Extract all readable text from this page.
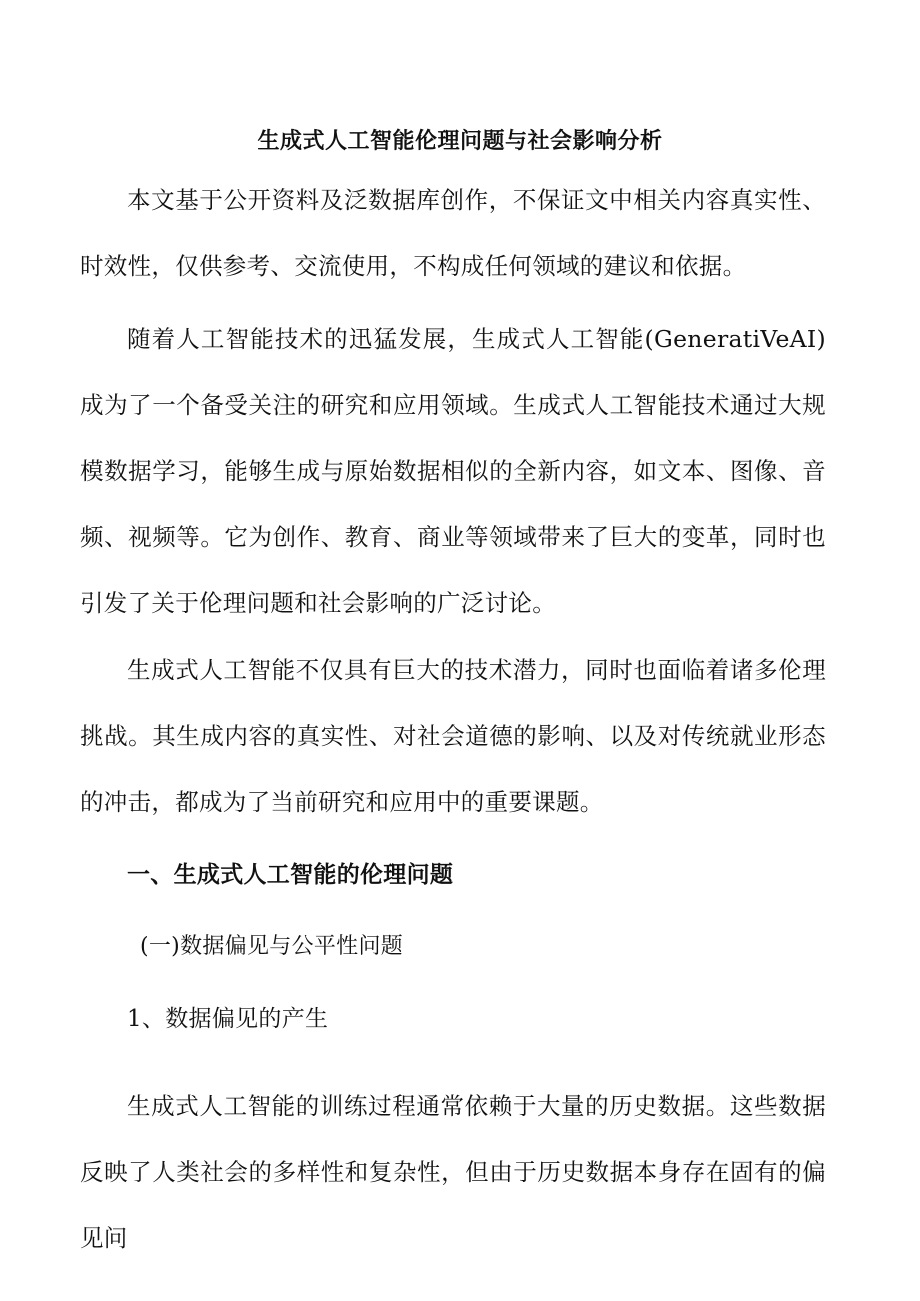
生成式人工智能伦理问题与社会影响分析

本文基于公开资料及泛数据库创作，不保证文中相关内容真实性、时效性，仅供参考、交流使用，不构成任何领域的建议和依据。

随着人工智能技术的迅猛发展，生成式人工智能(GeneratiVeAI)成为了一个备受关注的研究和应用领域。生成式人工智能技术通过大规模数据学习，能够生成与原始数据相似的全新内容，如文本、图像、音频、视频等。它为创作、教育、商业等领域带来了巨大的变革，同时也引发了关于伦理问题和社会影响的广泛讨论。

生成式人工智能不仅具有巨大的技术潜力，同时也面临着诸多伦理挑战。其生成内容的真实性、对社会道德的影响、以及对传统就业形态的冲击，都成为了当前研究和应用中的重要课题。

一、生成式人工智能的伦理问题
(一)数据偏见与公平性问题
1、数据偏见的产生

生成式人工智能的训练过程通常依赖于大量的历史数据。这些数据反映了人类社会的多样性和复杂性，但由于历史数据本身存在固有的偏见问
